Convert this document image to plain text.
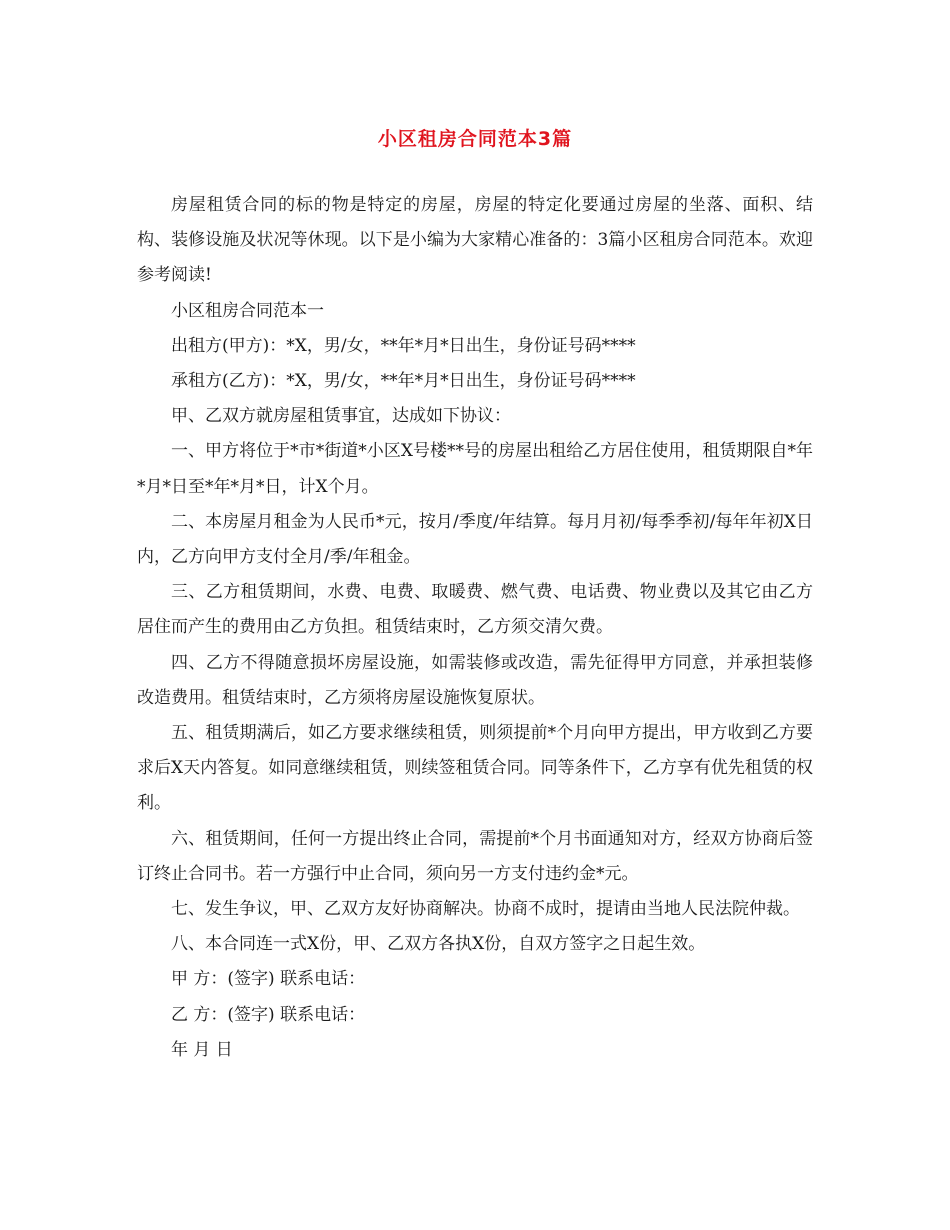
小区租房合同范本3篇

房屋租赁合同的标的物是特定的房屋，房屋的特定化要通过房屋的坐落、面积、结构、装修设施及状况等休现。以下是小编为大家精心准备的：3篇小区租房合同范本。欢迎参考阅读!

小区租房合同范本一

出租方(甲方)：*X，男/女，**年*月*日出生，身份证号码****

承租方(乙方)：*X，男/女，**年*月*日出生，身份证号码****

甲、乙双方就房屋租赁事宜，达成如下协议：

一、甲方将位于*市*街道*小区X号楼**号的房屋出租给乙方居住使用，租赁期限自*年*月*日至*年*月*日，计X个月。

二、本房屋月租金为人民币*元，按月/季度/年结算。每月月初/每季季初/每年年初X日内，乙方向甲方支付全月/季/年租金。

三、乙方租赁期间，水费、电费、取暖费、燃气费、电话费、物业费以及其它由乙方居住而产生的费用由乙方负担。租赁结束时，乙方须交清欠费。

四、乙方不得随意损坏房屋设施，如需装修或改造，需先征得甲方同意，并承担装修改造费用。租赁结束时，乙方须将房屋设施恢复原状。

五、租赁期满后，如乙方要求继续租赁，则须提前*个月向甲方提出，甲方收到乙方要求后X天内答复。如同意继续租赁，则续签租赁合同。同等条件下，乙方享有优先租赁的权利。

六、租赁期间，任何一方提出终止合同，需提前*个月书面通知对方，经双方协商后签订终止合同书。若一方强行中止合同，须向另一方支付违约金*元。

七、发生争议，甲、乙双方友好协商解决。协商不成时，提请由当地人民法院仲裁。

八、本合同连一式X份，甲、乙双方各执X份，自双方签字之日起生效。

甲 方：(签字) 联系电话：

乙 方：(签字) 联系电话：

年 月 日
